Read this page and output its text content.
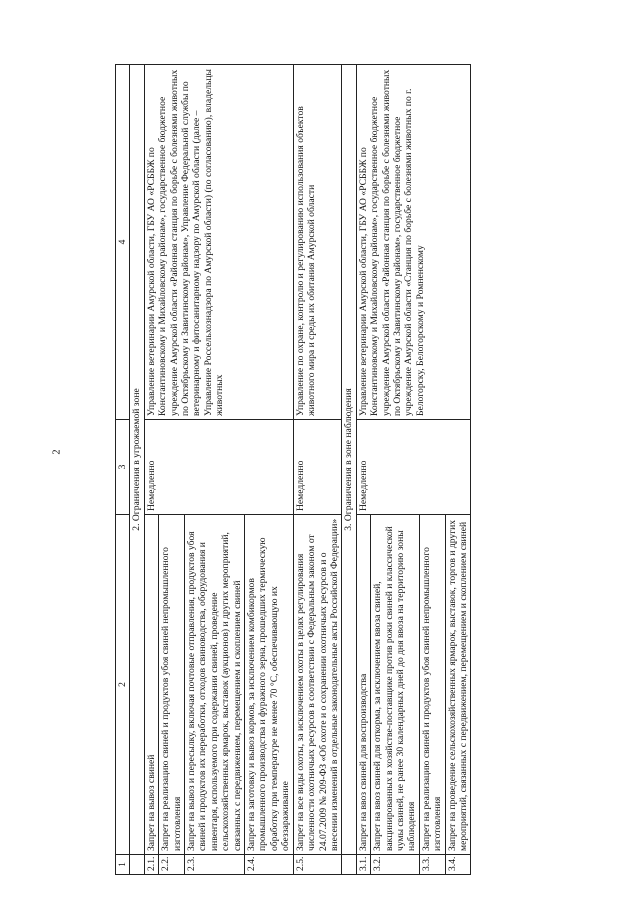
2
1	2	3	4
	2. Ограничения в угрожаемой зоне		
2.1.	Запрет на вывоз свиней	Немедленно	Управление ветеринарии Амурской области, ГБУ АО «РСББЖ по Константиновскому и Михайловскому районам», государственное бюджетное учреждение Амурской области «Районная станция по борьбе с болезнями животных по Октябрьскому и Завитинскому районам», Управление Федеральной службы по ветеринарному и фитосанитарному надзору по Амурской области (далее – Управление Россельхознадзора по Амурской области) (по согласованию), владельцы животных
2.2.	Запрет на реализацию свиней и продуктов убоя свиней непромышленного изготовления		
2.3.	Запрет на вывоз и пересылку, включая почтовые отправления, продуктов убоя свиней и продуктов их переработки, отходов свиноводства, оборудования и инвентаря, используемого при содержании свиней, проведение сельскохозяйственных ярмарок, выставок (аукционов) и других мероприятий, связанных с передвижением, перемещением и скоплением свиней		
2.4.	Запрет на заготовку и вывоз кормов, за исключением комбикормов промышленного производства и фуражного зерна, прошедших термическую обработку при температуре не менее 70 °С, обеспечивающую их обеззараживание		
2.5.	Запрет на все виды охоты, за исключением охоты в целях регулирования численности охотничьих ресурсов в соответствии с Федеральным законом от 24.07.2009 № 209-ФЗ «Об охоте и о сохранении охотничьих ресурсов и о внесении изменений в отдельные законодательные акты Российской Федерации»	Немедленно	Управление по охране, контролю и регулированию использования объектов животного мира и среды их обитания Амурской области
	3. Ограничения в зоне наблюдения		
3.1.	Запрет на ввоз свиней для воспроизводства	Немедленно	Управление ветеринарии Амурской области, ГБУ АО «РСББЖ по Константиновскому и Михайловскому районам», государственное бюджетное учреждение Амурской области «Районная станция по борьбе с болезнями животных по Октябрьскому и Завитинскому районам», государственное бюджетное учреждение Амурской области «Станция по борьбе с болезнями животных по г. Белогорску, Белогорскому и Ромненскому
3.2.	Запрет на ввоз свиней для откорма, за исключением ввоза свиней, вакцинированных в хозяйстве-поставщике против рожи свиней и классической чумы свиней, не ранее 30 календарных дней до дня ввоза на территорию зоны наблюдения		
3.3.	Запрет на реализацию свиней и продуктов убоя свиней непромышленного изготовления		
3.4.	Запрет на проведение сельскохозяйственных ярмарок, выставок, торгов и других мероприятий, связанных с передвижением, перемещением и скоплением свиней		
